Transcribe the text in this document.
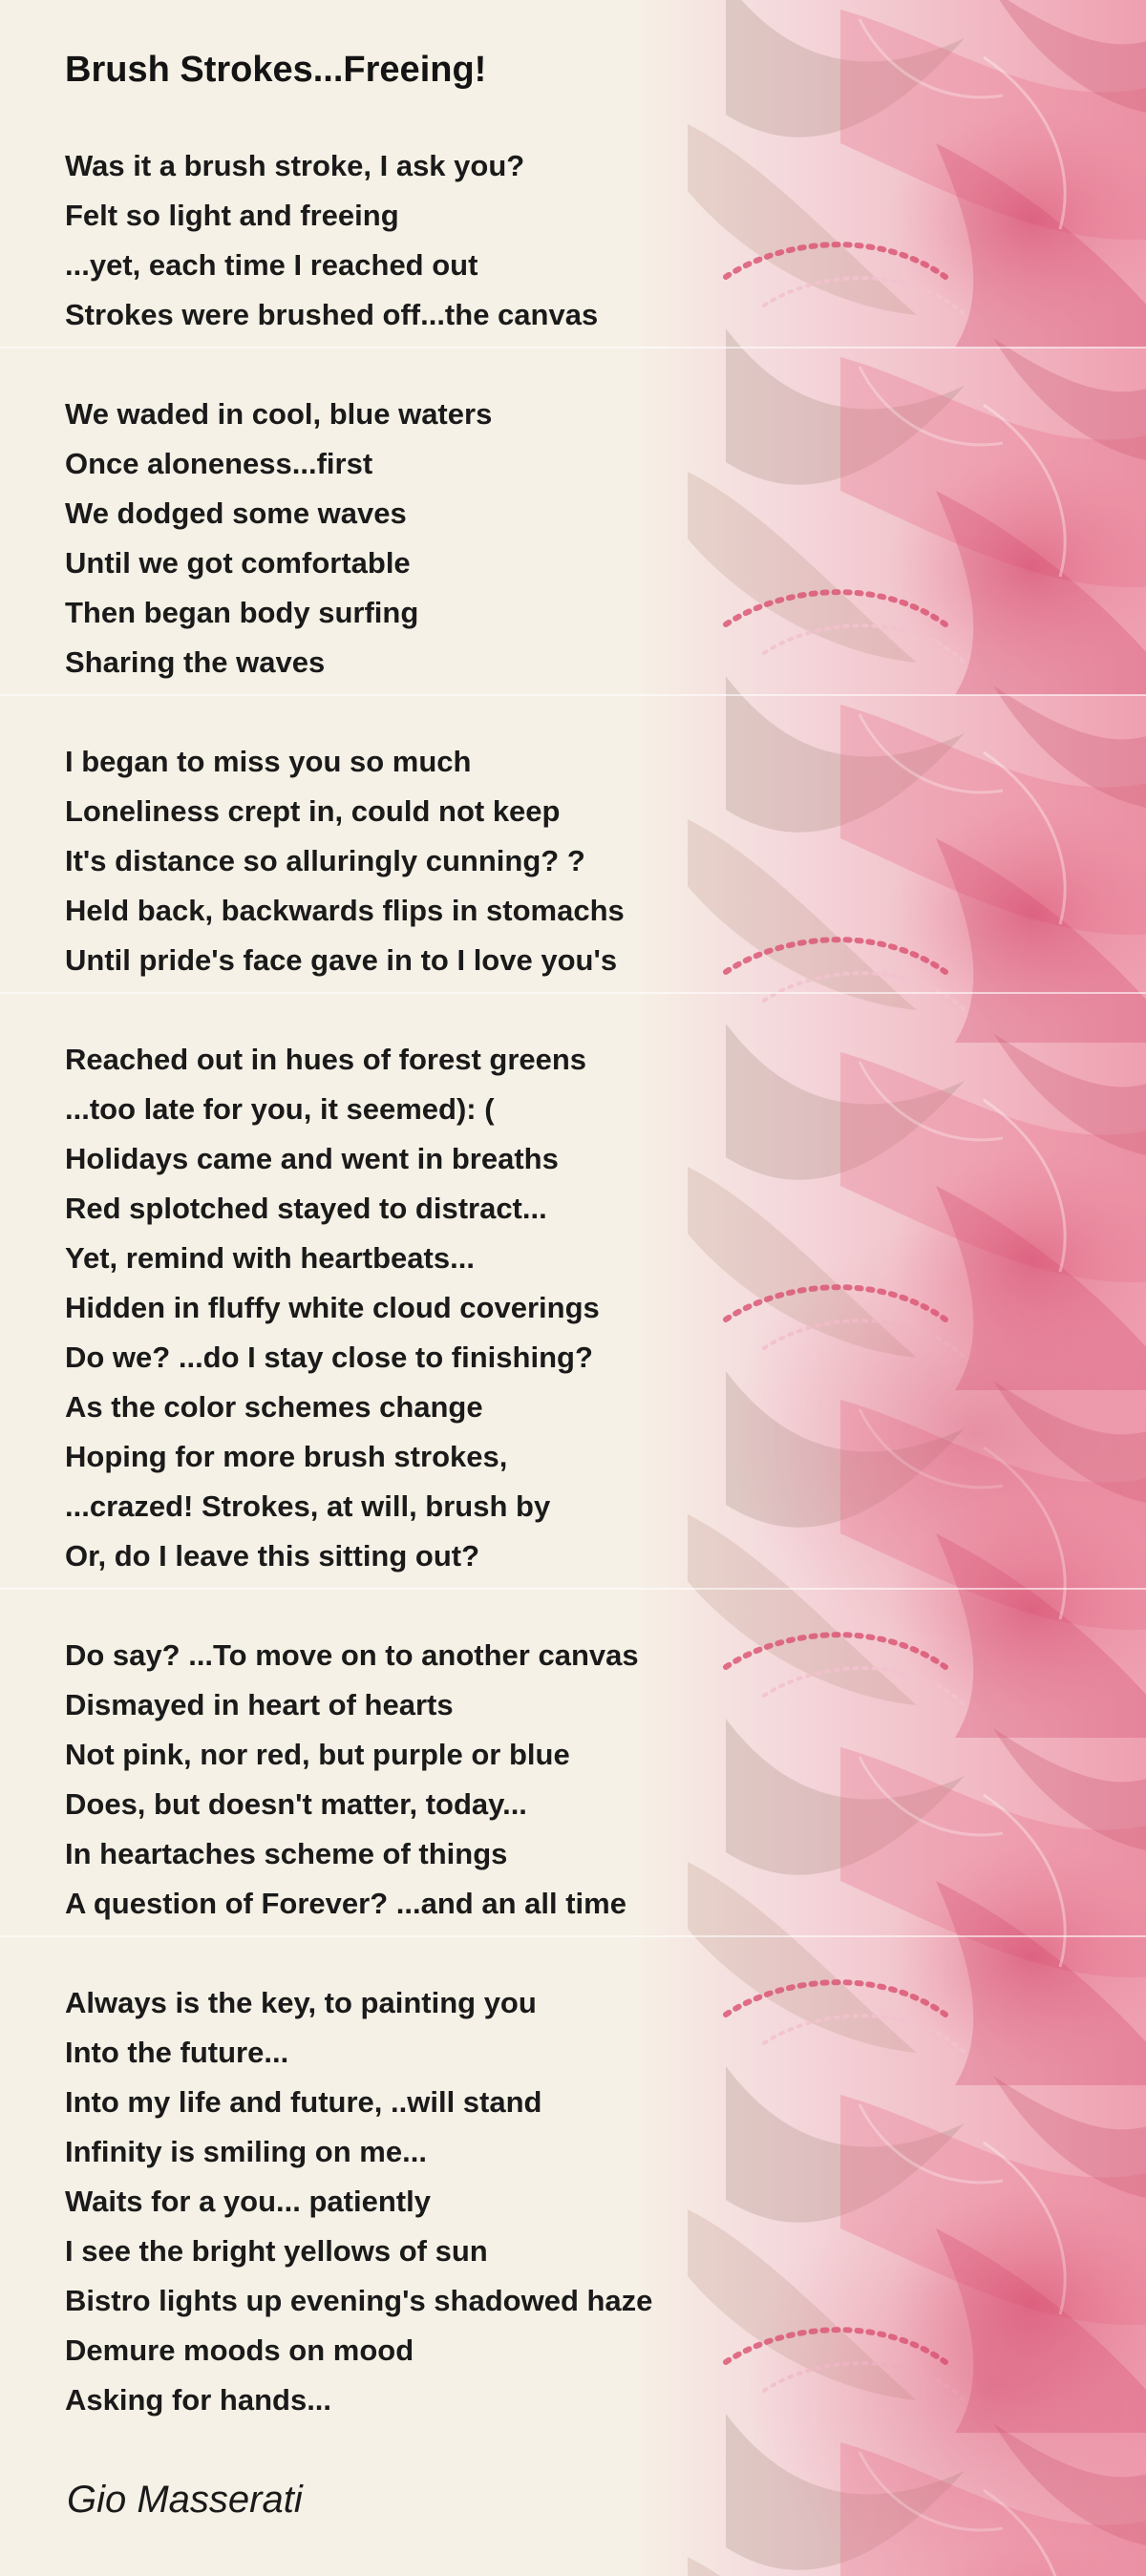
Brush Strokes...Freeing!
Was it a brush stroke, I ask you?
Felt so light and freeing
...yet, each time I reached out
Strokes were brushed off...the canvas
We waded in cool, blue waters
Once aloneness...first
We dodged some waves
Until we got comfortable
Then began body surfing
Sharing the waves
I began to miss you so much
Loneliness crept in, could not keep
It's distance so alluringly cunning? ?
Held back, backwards flips in stomachs
Until pride's face gave in to I love you's
Reached out in hues of forest greens
...too late for you, it seemed): (
Holidays came and went in breaths
Red splotched stayed to distract...
Yet, remind with heartbeats...
Hidden in fluffy white cloud coverings
Do we? ...do I stay close to finishing?
As the color schemes change
Hoping for more brush strokes,
...crazed! Strokes, at will, brush by
Or, do I leave this sitting out?
Do say? ...To move on to another canvas
Dismayed in heart of hearts
Not pink, nor red, but purple or blue
Does, but doesn't matter, today...
In heartaches scheme of things
A question of Forever? ...and an all time
Always is the key, to painting you
Into the future...
Into my life and future, ..will stand
Infinity is smiling on me...
Waits for a you... patiently
I see the bright yellows of sun
Bistro lights up evening's shadowed haze
Demure moods on mood
Asking for hands...
Gio Masserati
